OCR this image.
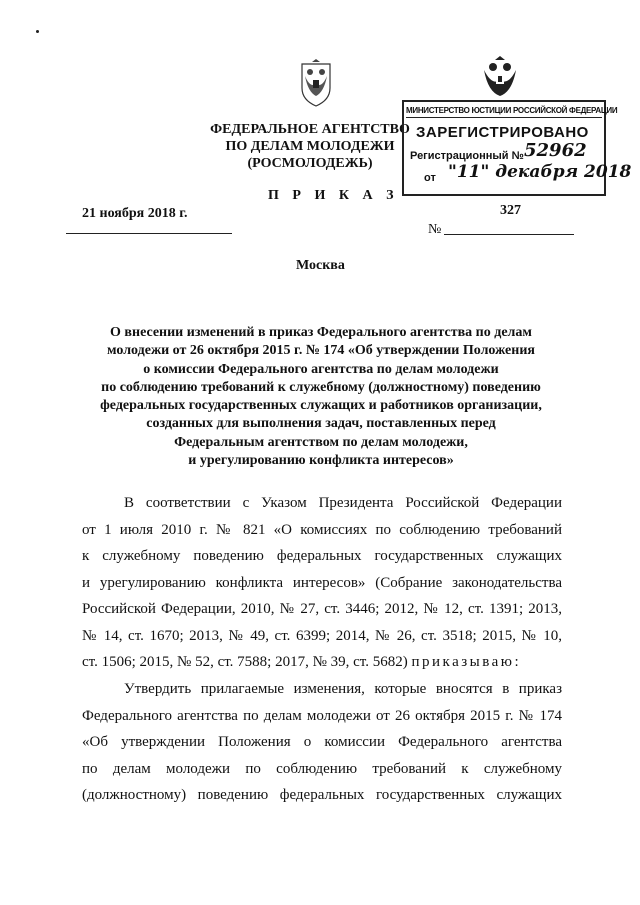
ФЕДЕРАЛЬНОЕ АГЕНТСТВО
ПО ДЕЛАМ МОЛОДЕЖИ
(РОСМОЛОДЕЖЬ)
МИНИСТЕРСТВО ЮСТИЦИИ РОССИЙСКОЙ ФЕДЕРАЦИИ
ЗАРЕГИСТРИРОВАНО
Регистрационный № 52962
от "11" декабря 2018
П Р И К А З
21 ноября 2018 г.	327
№
Москва
О внесении изменений в приказ Федерального агентства по делам
молодежи от 26 октября 2015 г. № 174 «Об утверждении Положения
о комиссии Федерального агентства по делам молодежи
по соблюдению требований к служебному (должностному) поведению
федеральных государственных служащих и работников организации,
созданных для выполнения задач, поставленных перед
Федеральным агентством по делам молодежи,
и урегулированию конфликта интересов»
В соответствии с Указом Президента Российской Федерации
от 1 июля 2010 г. № 821 «О комиссиях по соблюдению требований
к служебному поведению федеральных государственных служащих
и урегулированию конфликта интересов» (Собрание законодательства
Российской Федерации, 2010, № 27, ст. 3446; 2012, № 12, ст. 1391; 2013,
№ 14, ст. 1670; 2013, № 49, ст. 6399; 2014, № 26, ст. 3518; 2015, № 10,
ст. 1506; 2015, № 52, ст. 7588; 2017, № 39, ст. 5682) приказываю:
Утвердить прилагаемые изменения, которые вносятся в приказ
Федерального агентства по делам молодежи от 26 октября 2015 г. № 174
«Об утверждении Положения о комиссии Федерального агентства
по делам молодежи по соблюдению требований к служебному
(должностному) поведению федеральных государственных служащих
